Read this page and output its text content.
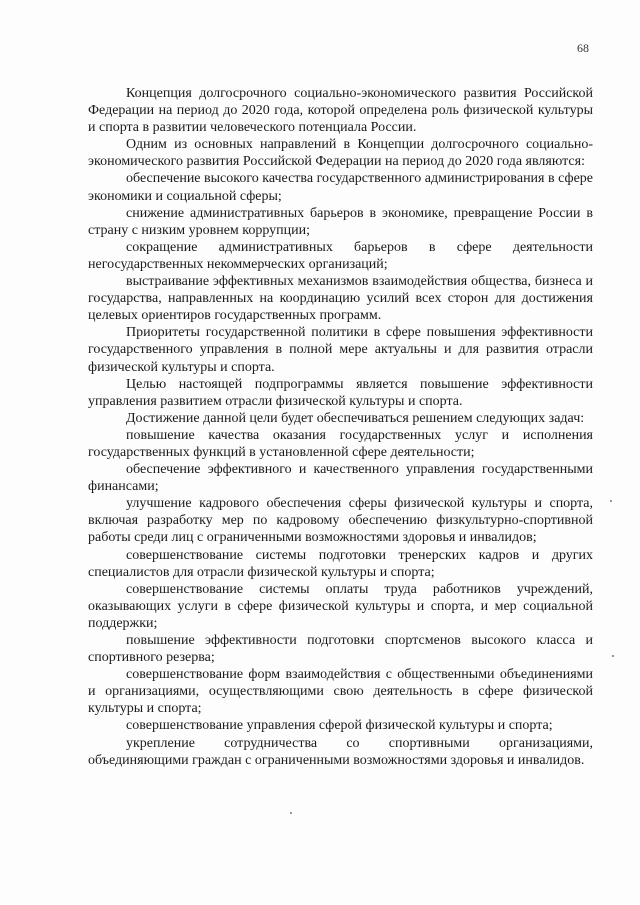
68

Концепция долгосрочного социально-экономического развития Российской Федерации на период до 2020 года, которой определена роль физической культуры и спорта в развитии человеческого потенциала России.

Одним из основных направлений в Концепции долгосрочного социально-экономического развития Российской Федерации на период до 2020 года являются:

обеспечение высокого качества государственного администрирования в сфере экономики и социальной сферы;

снижение административных барьеров в экономике, превращение России в страну с низким уровнем коррупции;

сокращение административных барьеров в сфере деятельности негосударственных некоммерческих организаций;

выстраивание эффективных механизмов взаимодействия общества, бизнеса и государства, направленных на координацию усилий всех сторон для достижения целевых ориентиров государственных программ.

Приоритеты государственной политики в сфере повышения эффективности государственного управления в полной мере актуальны и для развития отрасли физической культуры и спорта.

Целью настоящей подпрограммы является повышение эффективности управления развитием отрасли физической культуры и спорта.

Достижение данной цели будет обеспечиваться решением следующих задач:

повышение качества оказания государственных услуг и исполнения государственных функций в установленной сфере деятельности;

обеспечение эффективного и качественного управления государственными финансами;

улучшение кадрового обеспечения сферы физической культуры и спорта, включая разработку мер по кадровому обеспечению физкультурно-спортивной работы среди лиц с ограниченными возможностями здоровья и инвалидов;

совершенствование системы подготовки тренерских кадров и других специалистов для отрасли физической культуры и спорта;

совершенствование системы оплаты труда работников учреждений, оказывающих услуги в сфере физической культуры и спорта, и мер социальной поддержки;

повышение эффективности подготовки спортсменов высокого класса и спортивного резерва;

совершенствование форм взаимодействия с общественными объединениями и организациями, осуществляющими свою деятельность в сфере физической культуры и спорта;

совершенствование управления сферой физической культуры и спорта;

укрепление сотрудничества со спортивными организациями, объединяющими граждан с ограниченными возможностями здоровья и инвалидов.
